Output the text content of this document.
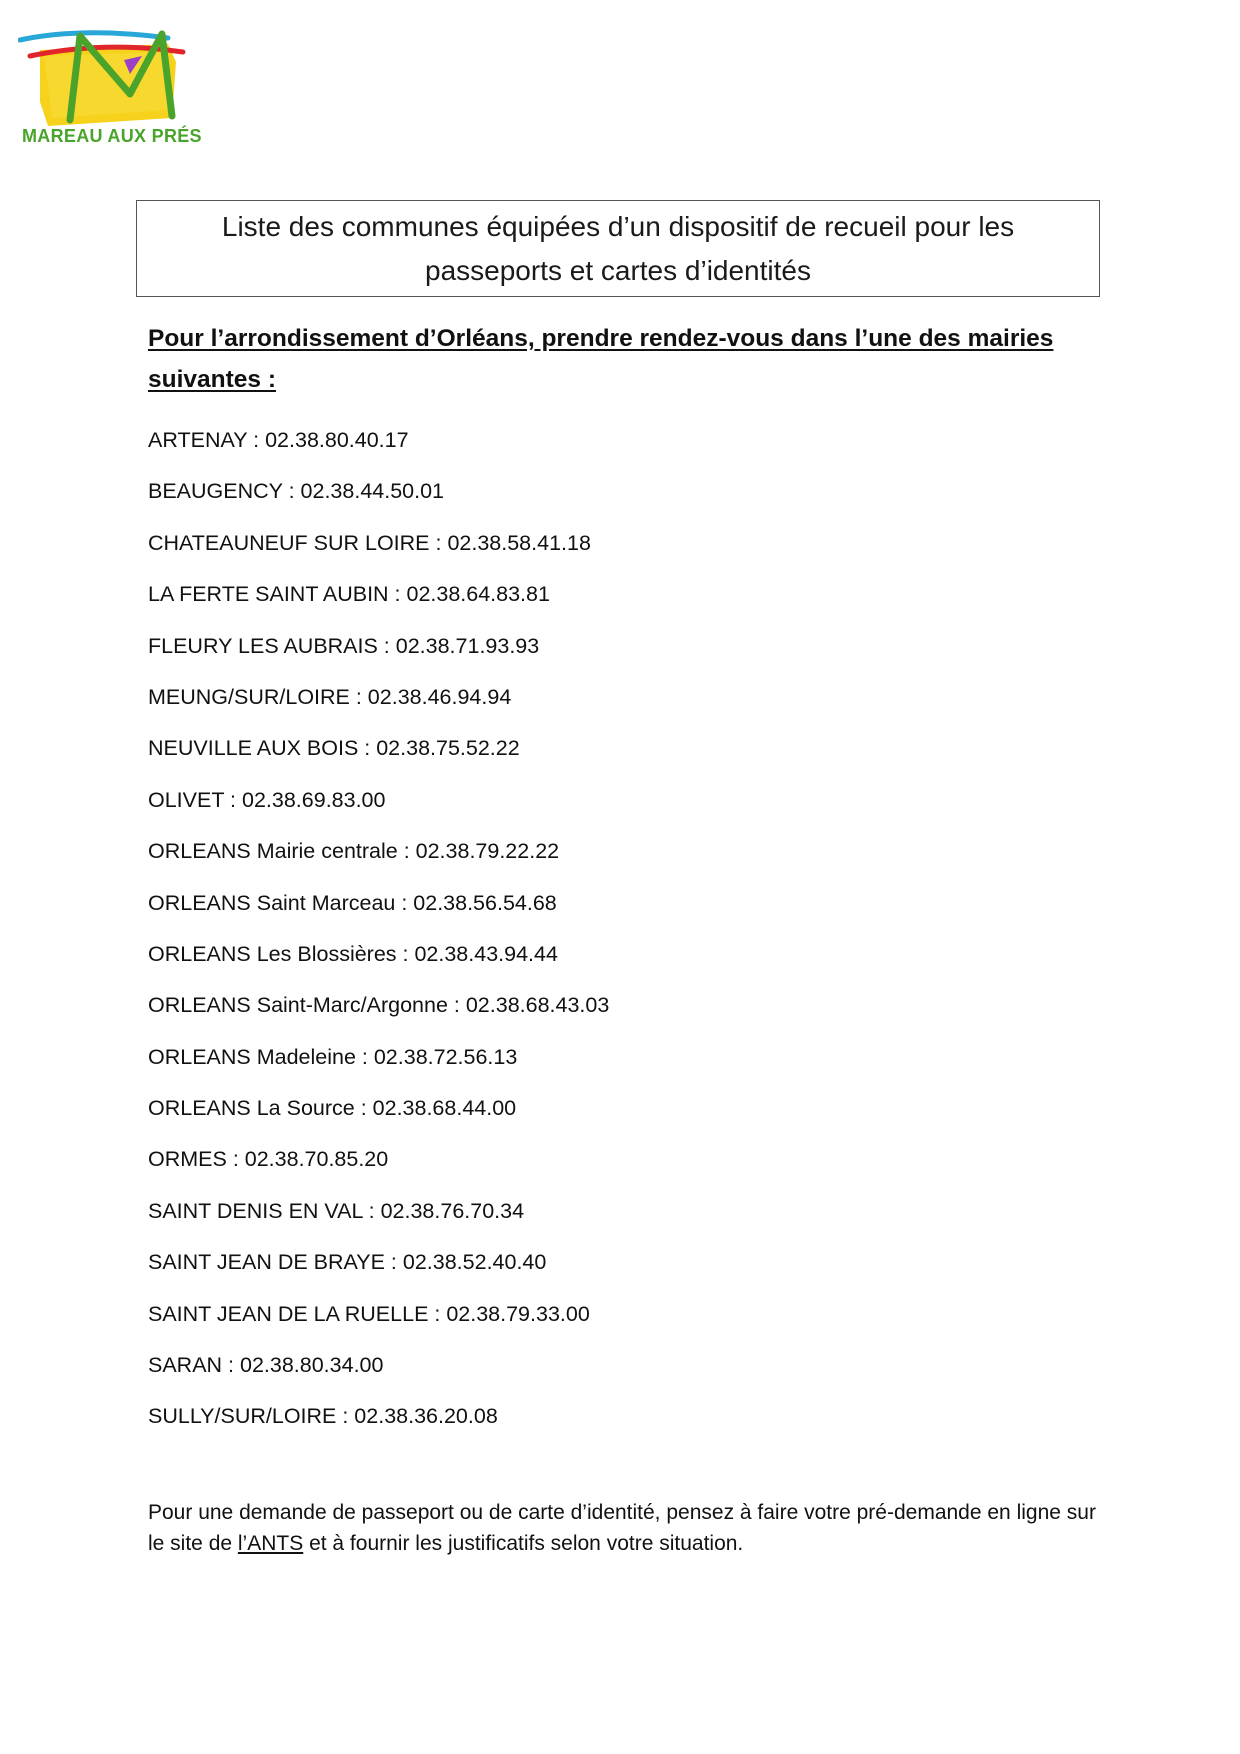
MAREAU AUX PRÉS
Liste des communes équipées d’un dispositif de recueil pour les
passeports et cartes d’identités
Pour l’arrondissement d’Orléans, prendre rendez-vous dans l’une des mairies suivantes :
ARTENAY : 02.38.80.40.17
BEAUGENCY : 02.38.44.50.01
CHATEAUNEUF SUR LOIRE : 02.38.58.41.18
LA FERTE SAINT AUBIN : 02.38.64.83.81
FLEURY LES AUBRAIS : 02.38.71.93.93
MEUNG/SUR/LOIRE : 02.38.46.94.94
NEUVILLE AUX BOIS : 02.38.75.52.22
OLIVET : 02.38.69.83.00
ORLEANS Mairie centrale : 02.38.79.22.22
ORLEANS Saint Marceau : 02.38.56.54.68
ORLEANS Les Blossières : 02.38.43.94.44
ORLEANS Saint-Marc/Argonne : 02.38.68.43.03
ORLEANS Madeleine : 02.38.72.56.13
ORLEANS La Source : 02.38.68.44.00
ORMES : 02.38.70.85.20
SAINT DENIS EN VAL : 02.38.76.70.34
SAINT JEAN DE BRAYE : 02.38.52.40.40
SAINT JEAN DE LA RUELLE : 02.38.79.33.00
SARAN : 02.38.80.34.00
SULLY/SUR/LOIRE : 02.38.36.20.08
Pour une demande de passeport ou de carte d’identité, pensez à faire votre pré-demande en ligne sur le site de l’ANTS et à fournir les justificatifs selon votre situation.
